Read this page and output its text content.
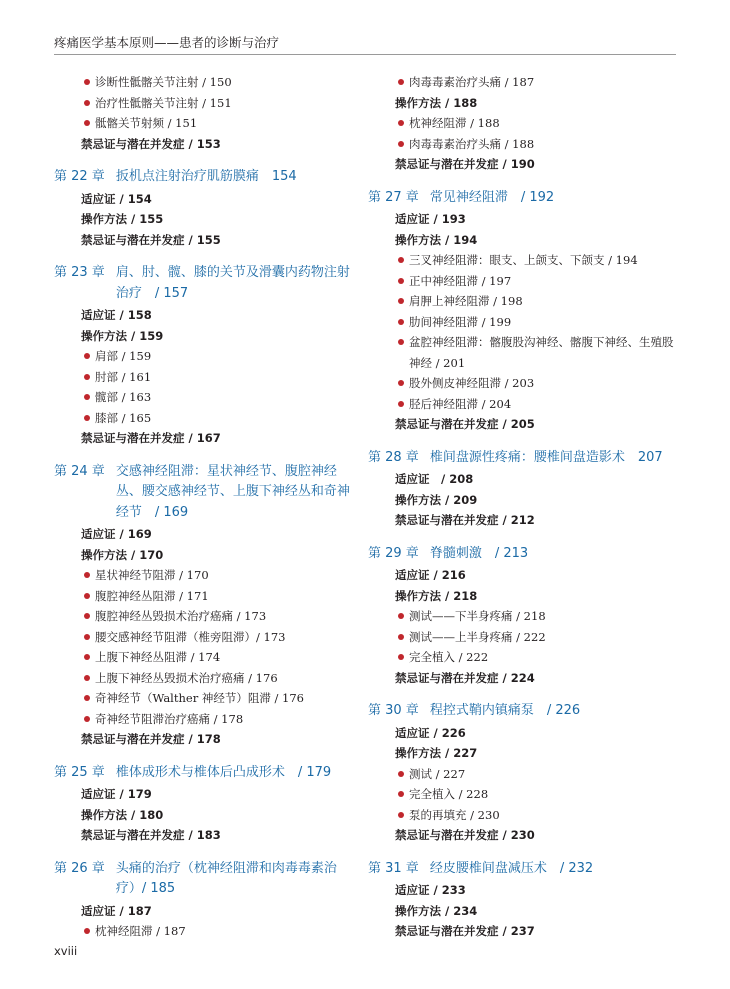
疼痛医学基本原则——患者的诊断与治疗
诊断性骶髂关节注射 / 150
治疗性骶髂关节注射 / 151
骶髂关节射频 / 151
禁忌证与潜在并发症 / 153
第 22 章 扳机点注射治疗肌筋膜痛　154
适应证 / 154
操作方法 / 155
禁忌证与潜在并发症 / 155
第 23 章 肩、肘、髋、膝的关节及滑囊内药物注射治疗　/ 157
适应证 / 158
操作方法 / 159
肩部 / 159
肘部 / 161
髋部 / 163
膝部 / 165
禁忌证与潜在并发症 / 167
第 24 章 交感神经阻滞：星状神经节、腹腔神经丛、腰交感神经节、上腹下神经丛和奇神经节　/ 169
适应证 / 169
操作方法 / 170
星状神经节阻滞 / 170
腹腔神经丛阻滞 / 171
腹腔神经丛毁损术治疗癌痛 / 173
腰交感神经节阻滞（椎旁阻滞）/ 173
上腹下神经丛阻滞 / 174
上腹下神经丛毁损术治疗癌痛 / 176
奇神经节（Walther 神经节）阻滞 / 176
奇神经节阻滞治疗癌痛 / 178
禁忌证与潜在并发症 / 178
第 25 章 椎体成形术与椎体后凸成形术　/ 179
适应证 / 179
操作方法 / 180
禁忌证与潜在并发症 / 183
第 26 章 头痛的治疗（枕神经阻滞和肉毒毒素治疗）/ 185
适应证 / 187
枕神经阻滞 / 187
肉毒毒素治疗头痛 / 187
操作方法 / 188
枕神经阻滞 / 188
肉毒毒素治疗头痛 / 188
禁忌证与潜在并发症 / 190
第 27 章 常见神经阻滞　/ 192
适应证 / 193
操作方法 / 194
三叉神经阻滞：眼支、上颌支、下颌支 / 194
正中神经阻滞 / 197
肩胛上神经阻滞 / 198
肋间神经阻滞 / 199
盆腔神经阻滞：髂腹股沟神经、髂腹下神经、生殖股神经 / 201
股外侧皮神经阻滞 / 203
胫后神经阻滞 / 204
禁忌证与潜在并发症 / 205
第 28 章 椎间盘源性疼痛：腰椎间盘造影术　207
适应证　/ 208
操作方法 / 209
禁忌证与潜在并发症 / 212
第 29 章 脊髓刺激　/ 213
适应证 / 216
操作方法 / 218
测试——下半身疼痛 / 218
测试——上半身疼痛 / 222
完全植入 / 222
禁忌证与潜在并发症 / 224
第 30 章 程控式鞘内镇痛泵　/ 226
适应证 / 226
操作方法 / 227
测试 / 227
完全植入 / 228
泵的再填充 / 230
禁忌证与潜在并发症 / 230
第 31 章 经皮腰椎间盘减压术　/ 232
适应证 / 233
操作方法 / 234
禁忌证与潜在并发症 / 237
xviii
